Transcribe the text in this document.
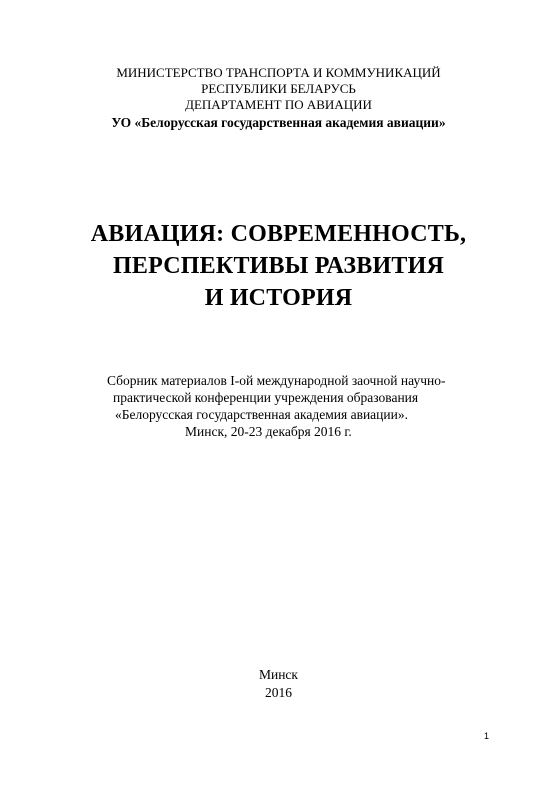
МИНИСТЕРСТВО ТРАНСПОРТА И КОММУНИКАЦИЙ
РЕСПУБЛИКИ БЕЛАРУСЬ
ДЕПАРТАМЕНТ ПО АВИАЦИИ
УО «Белорусская государственная академия авиации»
АВИАЦИЯ: СОВРЕМЕННОСТЬ,
ПЕРСПЕКТИВЫ РАЗВИТИЯ
И ИСТОРИЯ
Сборник материалов I-ой международной заочной научно-
практической конференции учреждения образования
«Белорусская государственная академия авиации».
Минск, 20-23 декабря 2016 г.
Минск
2016
1
